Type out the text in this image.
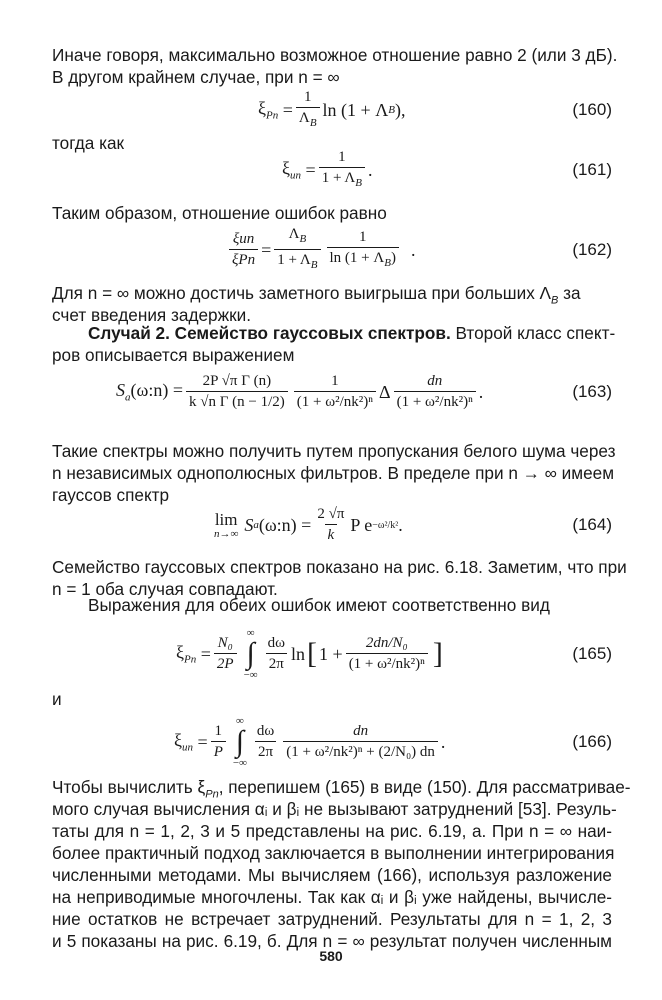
Иначе говоря, максимально возможное отношение равно 2 (или 3 дБ).
В другом крайнем случае, при n = ∞
$\xi_{Pn} = \frac{1}{\Lambda_B}$ ln (1 + Λ B ),	(160)
тогда как
$\xi_{un} = \frac{1}{1 + \Lambda_B}$ .	(161)
Таким образом, отношение ошибок равно
$\frac{\text{ξun}}{\text{ξPn}} = \frac{\Lambda_B}{1 + \Lambda_B} \frac{1}{\ln (1 + \Lambda_B)}$
.	(162)
Для n = ∞ можно достичь заметного выигрыша при больших $\Lambda_B$ за
счет введения задержки.
Случай 2. Семейство гауссовых спектров. Второй класс спект-
ров описывается выражением
$S_a(\omega:n) = \frac{\text{2P √π Γ (n)}}{\text{k √n Γ (n − 1/2)}} \frac{1}{\text{(1 + ω²/nk²)ⁿ}}$ Δ $\frac{dn}{\text{(1 + ω²/nk²)ⁿ}}$ .	(163)
Такие спектры можно получить путем пропускания белого шума через
n независимых однополюсных фильтров. В пределе при n → ∞ имеем
гауссов спектр
lim
n→∞ S a (ω:n) = $\frac{2 √\pi}{k}$ P e −ω²/k² .	(164)
Семейство гауссовых спектров показано на рис. 6.18. Заметим, что при
n = 1 оба случая совпадают.
Выражения для обеих ошибок имеют соответственно вид
$\xi_{Pn} = \frac{\text{N₀}}{2P}$
∞
∫
−∞
$\frac{d\omega}{2\pi}$ ln [ $1 + \frac{\text{2dn/N₀}}{\text{(1 + ω²/nk²)ⁿ}}$ ]	(165)
и
$\xi_{un} = \frac{1}{P}$
∞
∫
−∞
$\frac{d\omega}{2\pi} \frac{dn}{\text{(1 + ω²/nk²)ⁿ + (2/N₀) dn}}$ .	(166)
Чтобы вычислить $\xi_{Pn}$, перепишем (165) в виде (150). Для рассматривае-
мого случая вычисления αᵢ и βᵢ не вызывают затруднений [53]. Резуль-
таты для n = 1, 2, 3 и 5 представлены на рис. 6.19, а. При n = ∞ наи-
более практичный подход заключается в выполнении интегрирования
численными методами. Мы вычисляем (166), используя разложение
на неприводимые многочлены. Так как αᵢ и βᵢ уже найдены, вычисле-
ние остатков не встречает затруднений. Результаты для n = 1, 2, 3
и 5 показаны на рис. 6.19, б. Для n = ∞ результат получен численным
580
